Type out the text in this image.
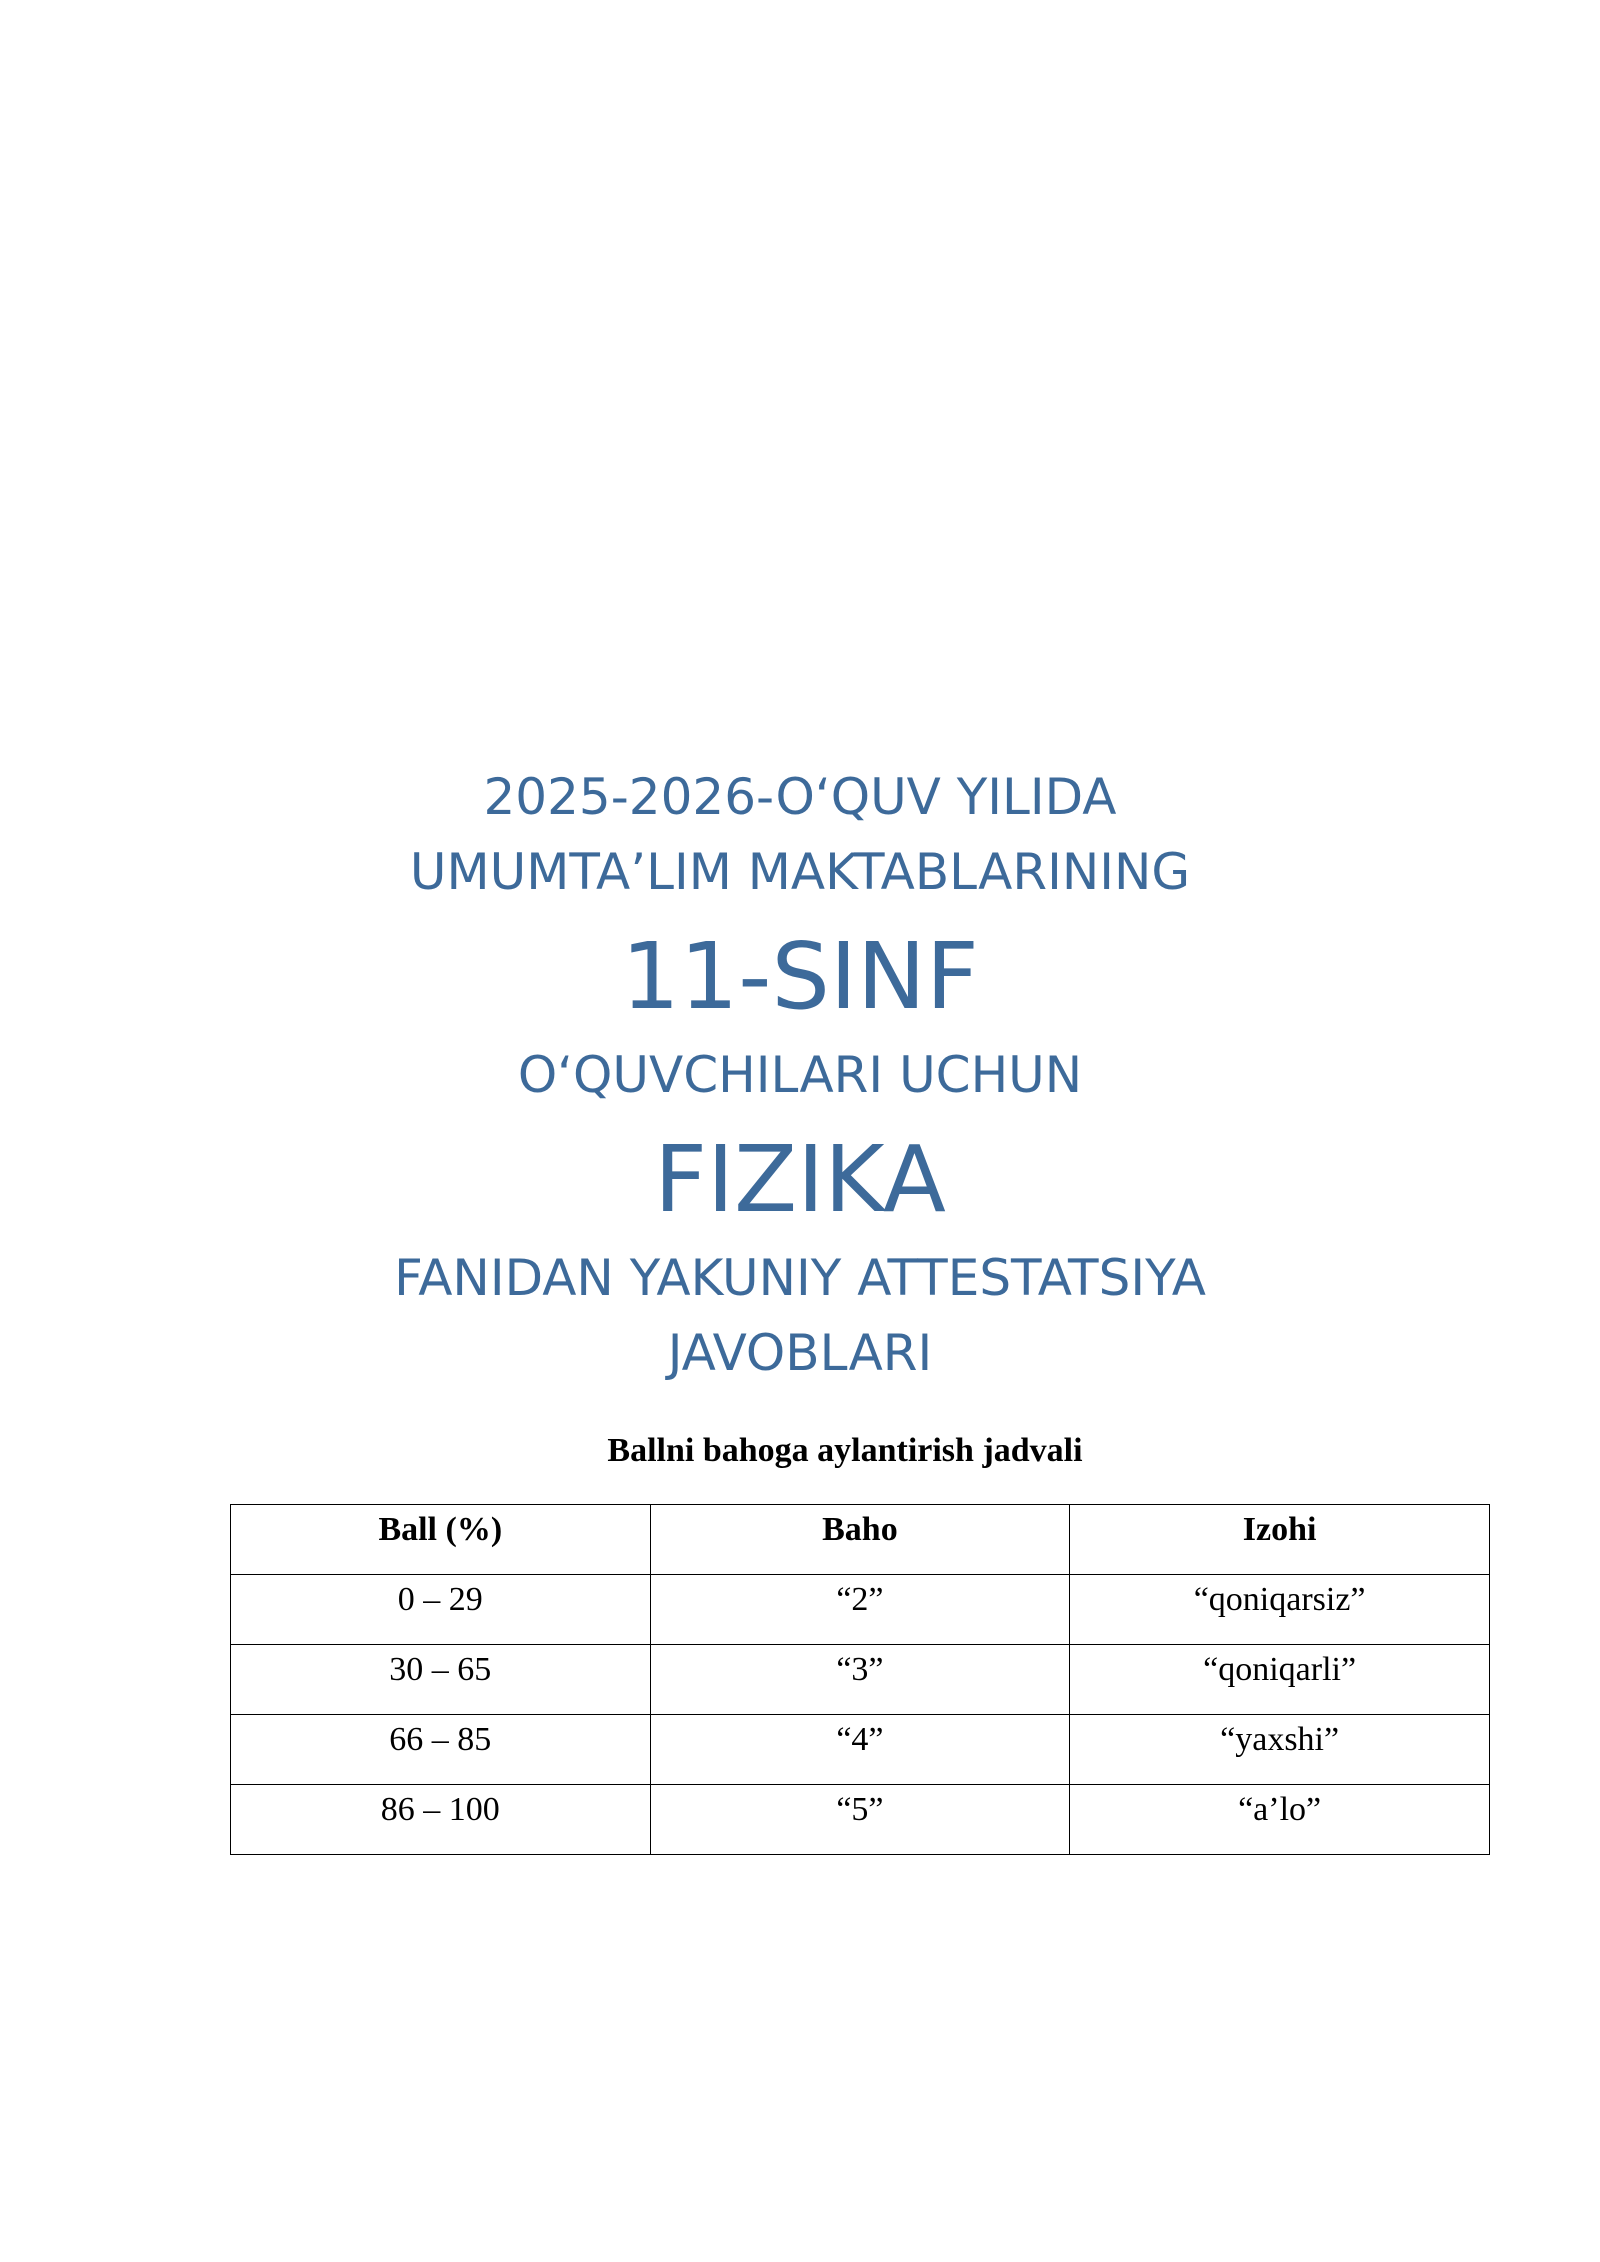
2025-2026-O‘QUV YILIDA
UMUMTA’LIM MAKTABLARINING
11-SINF
O‘QUVCHILARI UCHUN
FIZIKA
FANIDAN YAKUNIY ATTESTATSIYA
JAVOBLARI
Ballni bahoga aylantirish jadvali
Ball (%)	Baho	Izohi
0 – 29	“2”	“qoniqarsiz”
30 – 65	“3”	“qoniqarli”
66 – 85	“4”	“yaxshi”
86 – 100	“5”	“a’lo”
